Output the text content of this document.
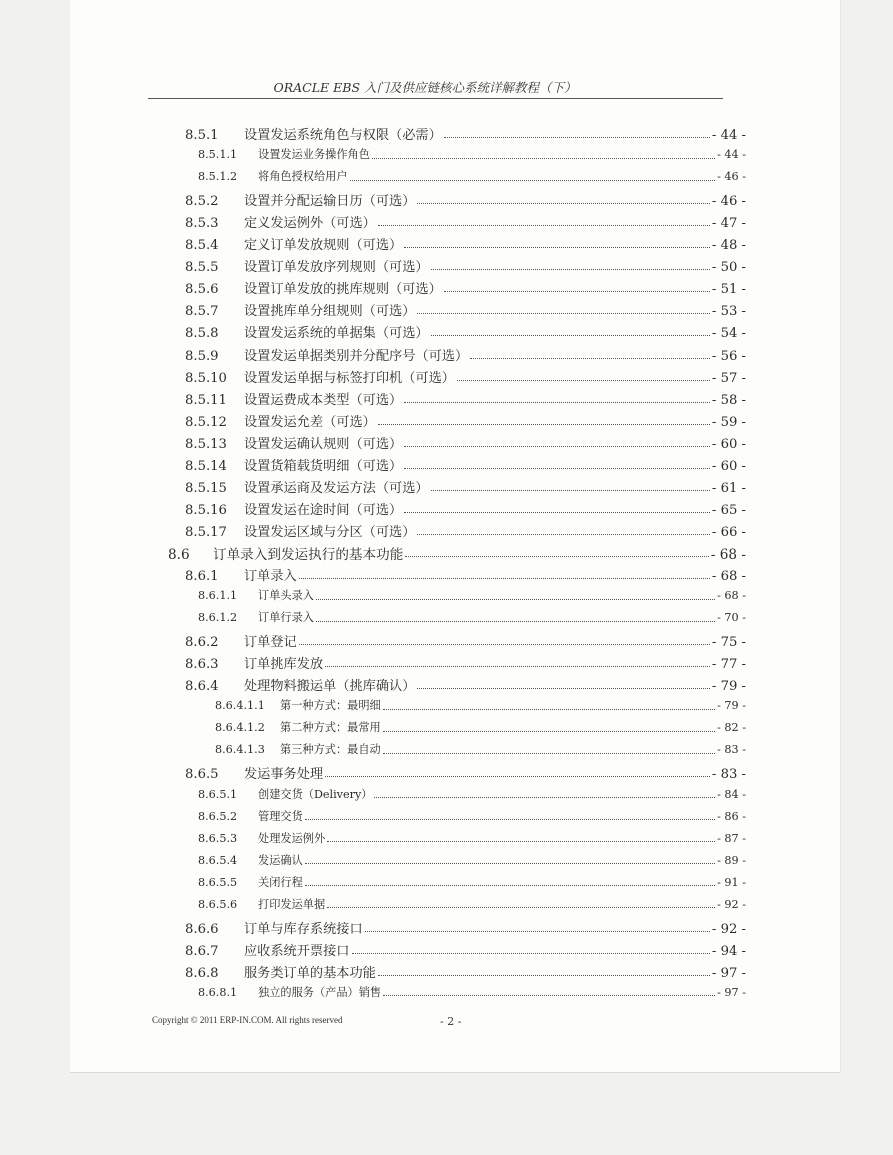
ORACLE EBS 入门及供应链核心系统详解教程（下）
8.5.1	设置发运系统角色与权限（必需）	- 44 -
8.5.1.1	设置发运业务操作角色	- 44 -
8.5.1.2	将角色授权给用户	- 46 -
8.5.2	设置并分配运输日历（可选）	- 46 -
8.5.3	定义发运例外（可选）	- 47 -
8.5.4	定义订单发放规则（可选）	- 48 -
8.5.5	设置订单发放序列规则（可选）	- 50 -
8.5.6	设置订单发放的挑库规则（可选）	- 51 -
8.5.7	设置挑库单分组规则（可选）	- 53 -
8.5.8	设置发运系统的单据集（可选）	- 54 -
8.5.9	设置发运单据类别并分配序号（可选）	- 56 -
8.5.10	设置发运单据与标签打印机（可选）	- 57 -
8.5.11	设置运费成本类型（可选）	- 58 -
8.5.12	设置发运允差（可选）	- 59 -
8.5.13	设置发运确认规则（可选）	- 60 -
8.5.14	设置货箱载货明细（可选）	- 60 -
8.5.15	设置承运商及发运方法（可选）	- 61 -
8.5.16	设置发运在途时间（可选）	- 65 -
8.5.17	设置发运区域与分区（可选）	- 66 -
8.6	订单录入到发运执行的基本功能	- 68 -
8.6.1	订单录入	- 68 -
8.6.1.1	订单头录入	- 68 -
8.6.1.2	订单行录入	- 70 -
8.6.2	订单登记	- 75 -
8.6.3	订单挑库发放	- 77 -
8.6.4	处理物料搬运单（挑库确认）	- 79 -
8.6.4.1.1	第一种方式：最明细	- 79 -
8.6.4.1.2	第二种方式：最常用	- 82 -
8.6.4.1.3	第三种方式：最自动	- 83 -
8.6.5	发运事务处理	- 83 -
8.6.5.1	创建交货（Delivery）	- 84 -
8.6.5.2	管理交货	- 86 -
8.6.5.3	处理发运例外	- 87 -
8.6.5.4	发运确认	- 89 -
8.6.5.5	关闭行程	- 91 -
8.6.5.6	打印发运单据	- 92 -
8.6.6	订单与库存系统接口	- 92 -
8.6.7	应收系统开票接口	- 94 -
8.6.8	服务类订单的基本功能	- 97 -
8.6.8.1	独立的服务（产品）销售	- 97 -
Copyright © 2011 ERP-IN.COM. All rights reserved	- 2 -
